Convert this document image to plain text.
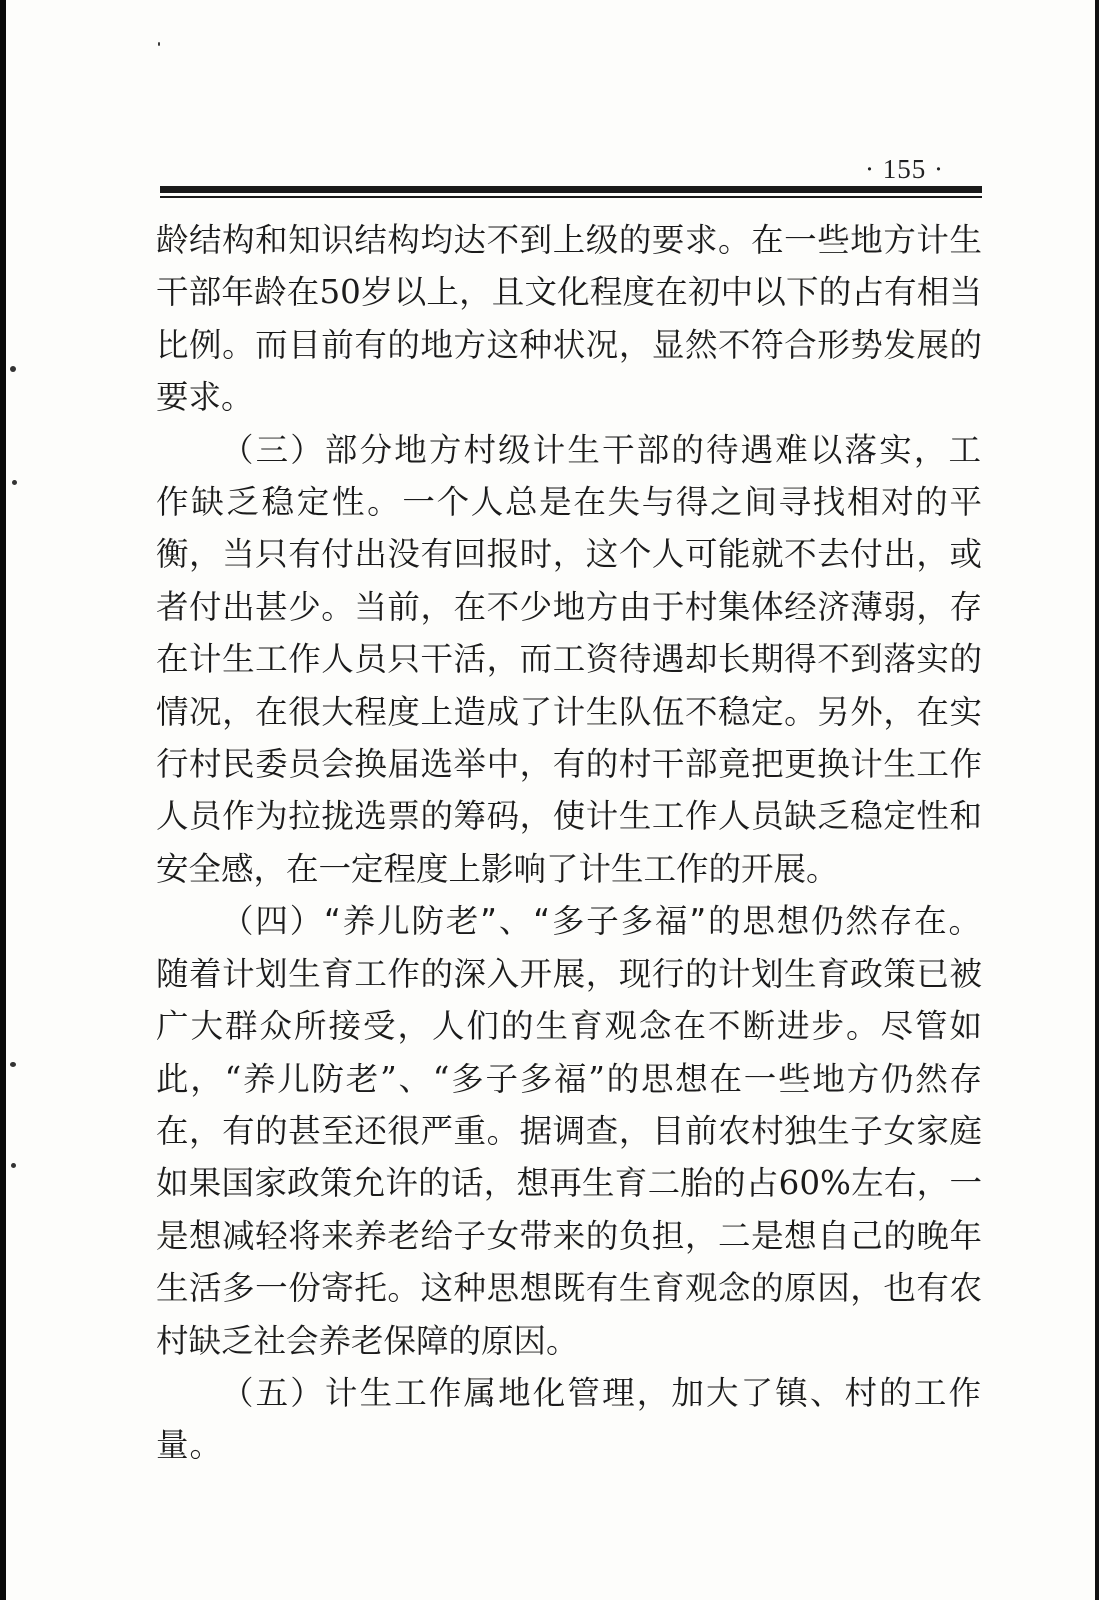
· 155 ·

龄结构和知识结构均达不到上级的要求。在一些地方计生干部年龄在50岁以上，且文化程度在初中以下的占有相当比例。而目前有的地方这种状况，显然不符合形势发展的要求。

（三）部分地方村级计生干部的待遇难以落实，工作缺乏稳定性。一个人总是在失与得之间寻找相对的平衡，当只有付出没有回报时，这个人可能就不去付出，或者付出甚少。当前，在不少地方由于村集体经济薄弱，存在计生工作人员只干活，而工资待遇却长期得不到落实的情况，在很大程度上造成了计生队伍不稳定。另外，在实行村民委员会换届选举中，有的村干部竟把更换计生工作人员作为拉拢选票的筹码，使计生工作人员缺乏稳定性和安全感，在一定程度上影响了计生工作的开展。

（四）“养儿防老”、“多子多福”的思想仍然存在。随着计划生育工作的深入开展，现行的计划生育政策已被广大群众所接受，人们的生育观念在不断进步。尽管如此，“养儿防老”、“多子多福”的思想在一些地方仍然存在，有的甚至还很严重。据调查，目前农村独生子女家庭如果国家政策允许的话，想再生育二胎的占60%左右，一是想减轻将来养老给子女带来的负担，二是想自己的晚年生活多一份寄托。这种思想既有生育观念的原因，也有农村缺乏社会养老保障的原因。

（五）计生工作属地化管理，加大了镇、村的工作量。
